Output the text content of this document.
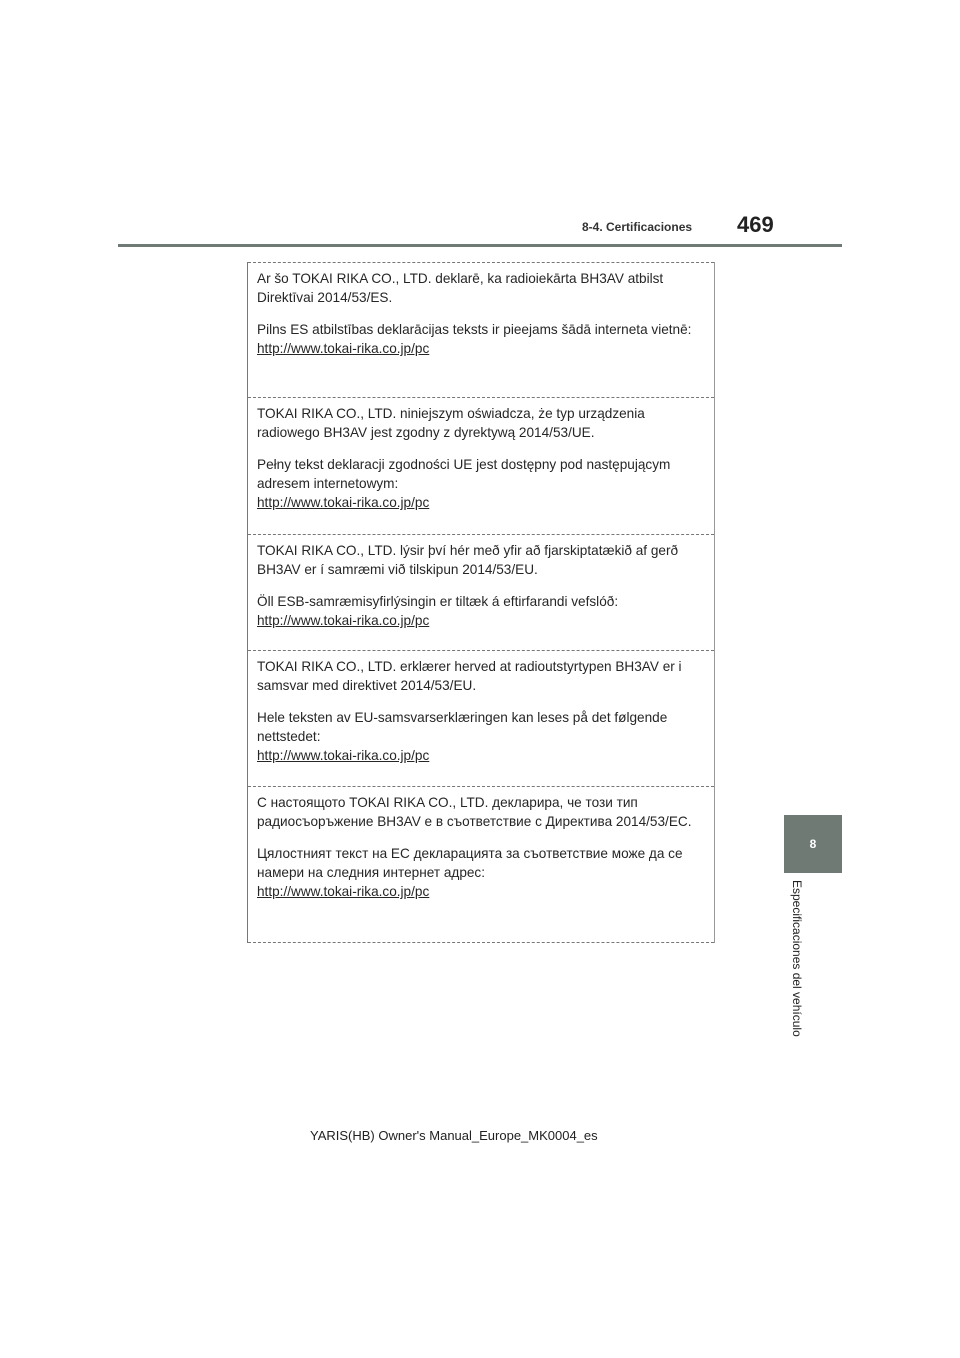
8-4. Certificaciones 469
8
Especificaciones del vehículo

Ar šo TOKAI RIKA CO., LTD. deklarē, ka radioiekārta BH3AV atbilst Direktīvai 2014/53/ES.

Pilns ES atbilstības deklarācijas teksts ir pieejams šādā interneta vietnē:

http://www.tokai-rika.co.jp/pc

TOKAI RIKA CO., LTD. niniejszym oświadcza, że typ urządzenia radiowego BH3AV jest zgodny z dyrektywą 2014/53/UE.

Pełny tekst deklaracji zgodności UE jest dostępny pod następującym adresem internetowym:

http://www.tokai-rika.co.jp/pc

TOKAI RIKA CO., LTD. lýsir því hér með yfir að fjarskiptatækið af gerð BH3AV er í samræmi við tilskipun 2014/53/EU.

Öll ESB-samræmisyfirlýsingin er tiltæk á eftirfarandi vefslóð:

http://www.tokai-rika.co.jp/pc

TOKAI RIKA CO., LTD. erklærer herved at radioutstyrtypen BH3AV er i samsvar med direktivet 2014/53/EU.

Hele teksten av EU-samsvarserklæringen kan leses på det følgende nettstedet:

http://www.tokai-rika.co.jp/pc

С настоящото TOKAI RIKA CO., LTD. декларира, че този тип радиосъоръжение BH3AV е в съответствие с Директива 2014/53/ЕС.

Цялостният текст на ЕС декларацията за съответствие може да се намери на следния интернет адрес:

http://www.tokai-rika.co.jp/pc

YARIS(HB) Owner's Manual_Europe_MK0004_es
